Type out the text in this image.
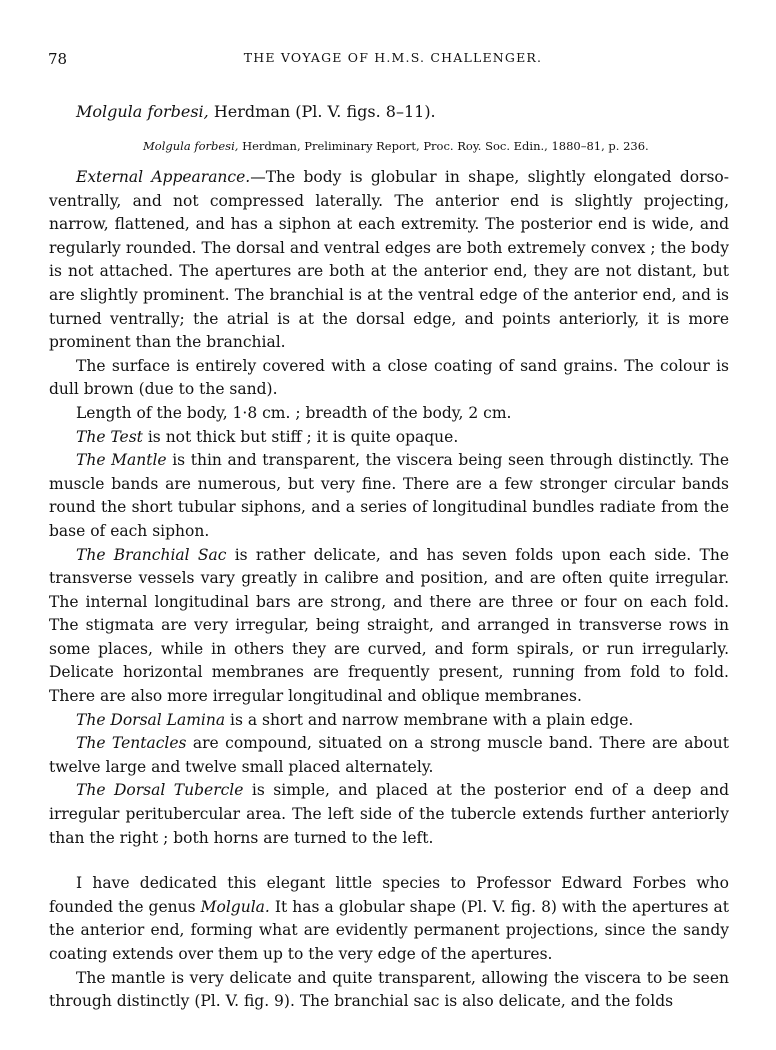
78	THE VOYAGE OF H.M.S. CHALLENGER.
Molgula forbesi, Herdman (Pl. V. figs. 8–11).
Molgula forbesi, Herdman, Preliminary Report, Proc. Roy. Soc. Edin., 1880–81, p. 236.

External Appearance.—The body is globular in shape, slightly elongated dorso-ventrally, and not compressed laterally. The anterior end is slightly projecting, narrow, flattened, and has a siphon at each extremity. The posterior end is wide, and regularly rounded. The dorsal and ventral edges are both extremely convex ; the body is not attached. The apertures are both at the anterior end, they are not distant, but are slightly prominent. The branchial is at the ventral edge of the anterior end, and is turned ventrally; the atrial is at the dorsal edge, and points anteriorly, it is more prominent than the branchial.

The surface is entirely covered with a close coating of sand grains. The colour is dull brown (due to the sand).

Length of the body, 1·8 cm. ; breadth of the body, 2 cm.

The Test is not thick but stiff ; it is quite opaque.

The Mantle is thin and transparent, the viscera being seen through distinctly. The muscle bands are numerous, but very fine. There are a few stronger circular bands round the short tubular siphons, and a series of longitudinal bundles radiate from the base of each siphon.

The Branchial Sac is rather delicate, and has seven folds upon each side. The transverse vessels vary greatly in calibre and position, and are often quite irregular. The internal longitudinal bars are strong, and there are three or four on each fold. The stigmata are very irregular, being straight, and arranged in transverse rows in some places, while in others they are curved, and form spirals, or run irregularly. Delicate horizontal membranes are frequently present, running from fold to fold. There are also more irregular longitudinal and oblique membranes.

The Dorsal Lamina is a short and narrow membrane with a plain edge.

The Tentacles are compound, situated on a strong muscle band. There are about twelve large and twelve small placed alternately.

The Dorsal Tubercle is simple, and placed at the posterior end of a deep and irregular peritubercular area. The left side of the tubercle extends further anteriorly than the right ; both horns are turned to the left.

I have dedicated this elegant little species to Professor Edward Forbes who founded the genus Molgula. It has a globular shape (Pl. V. fig. 8) with the apertures at the anterior end, forming what are evidently permanent projections, since the sandy coating extends over them up to the very edge of the apertures.

The mantle is very delicate and quite transparent, allowing the viscera to be seen through distinctly (Pl. V. fig. 9). The branchial sac is also delicate, and the folds
